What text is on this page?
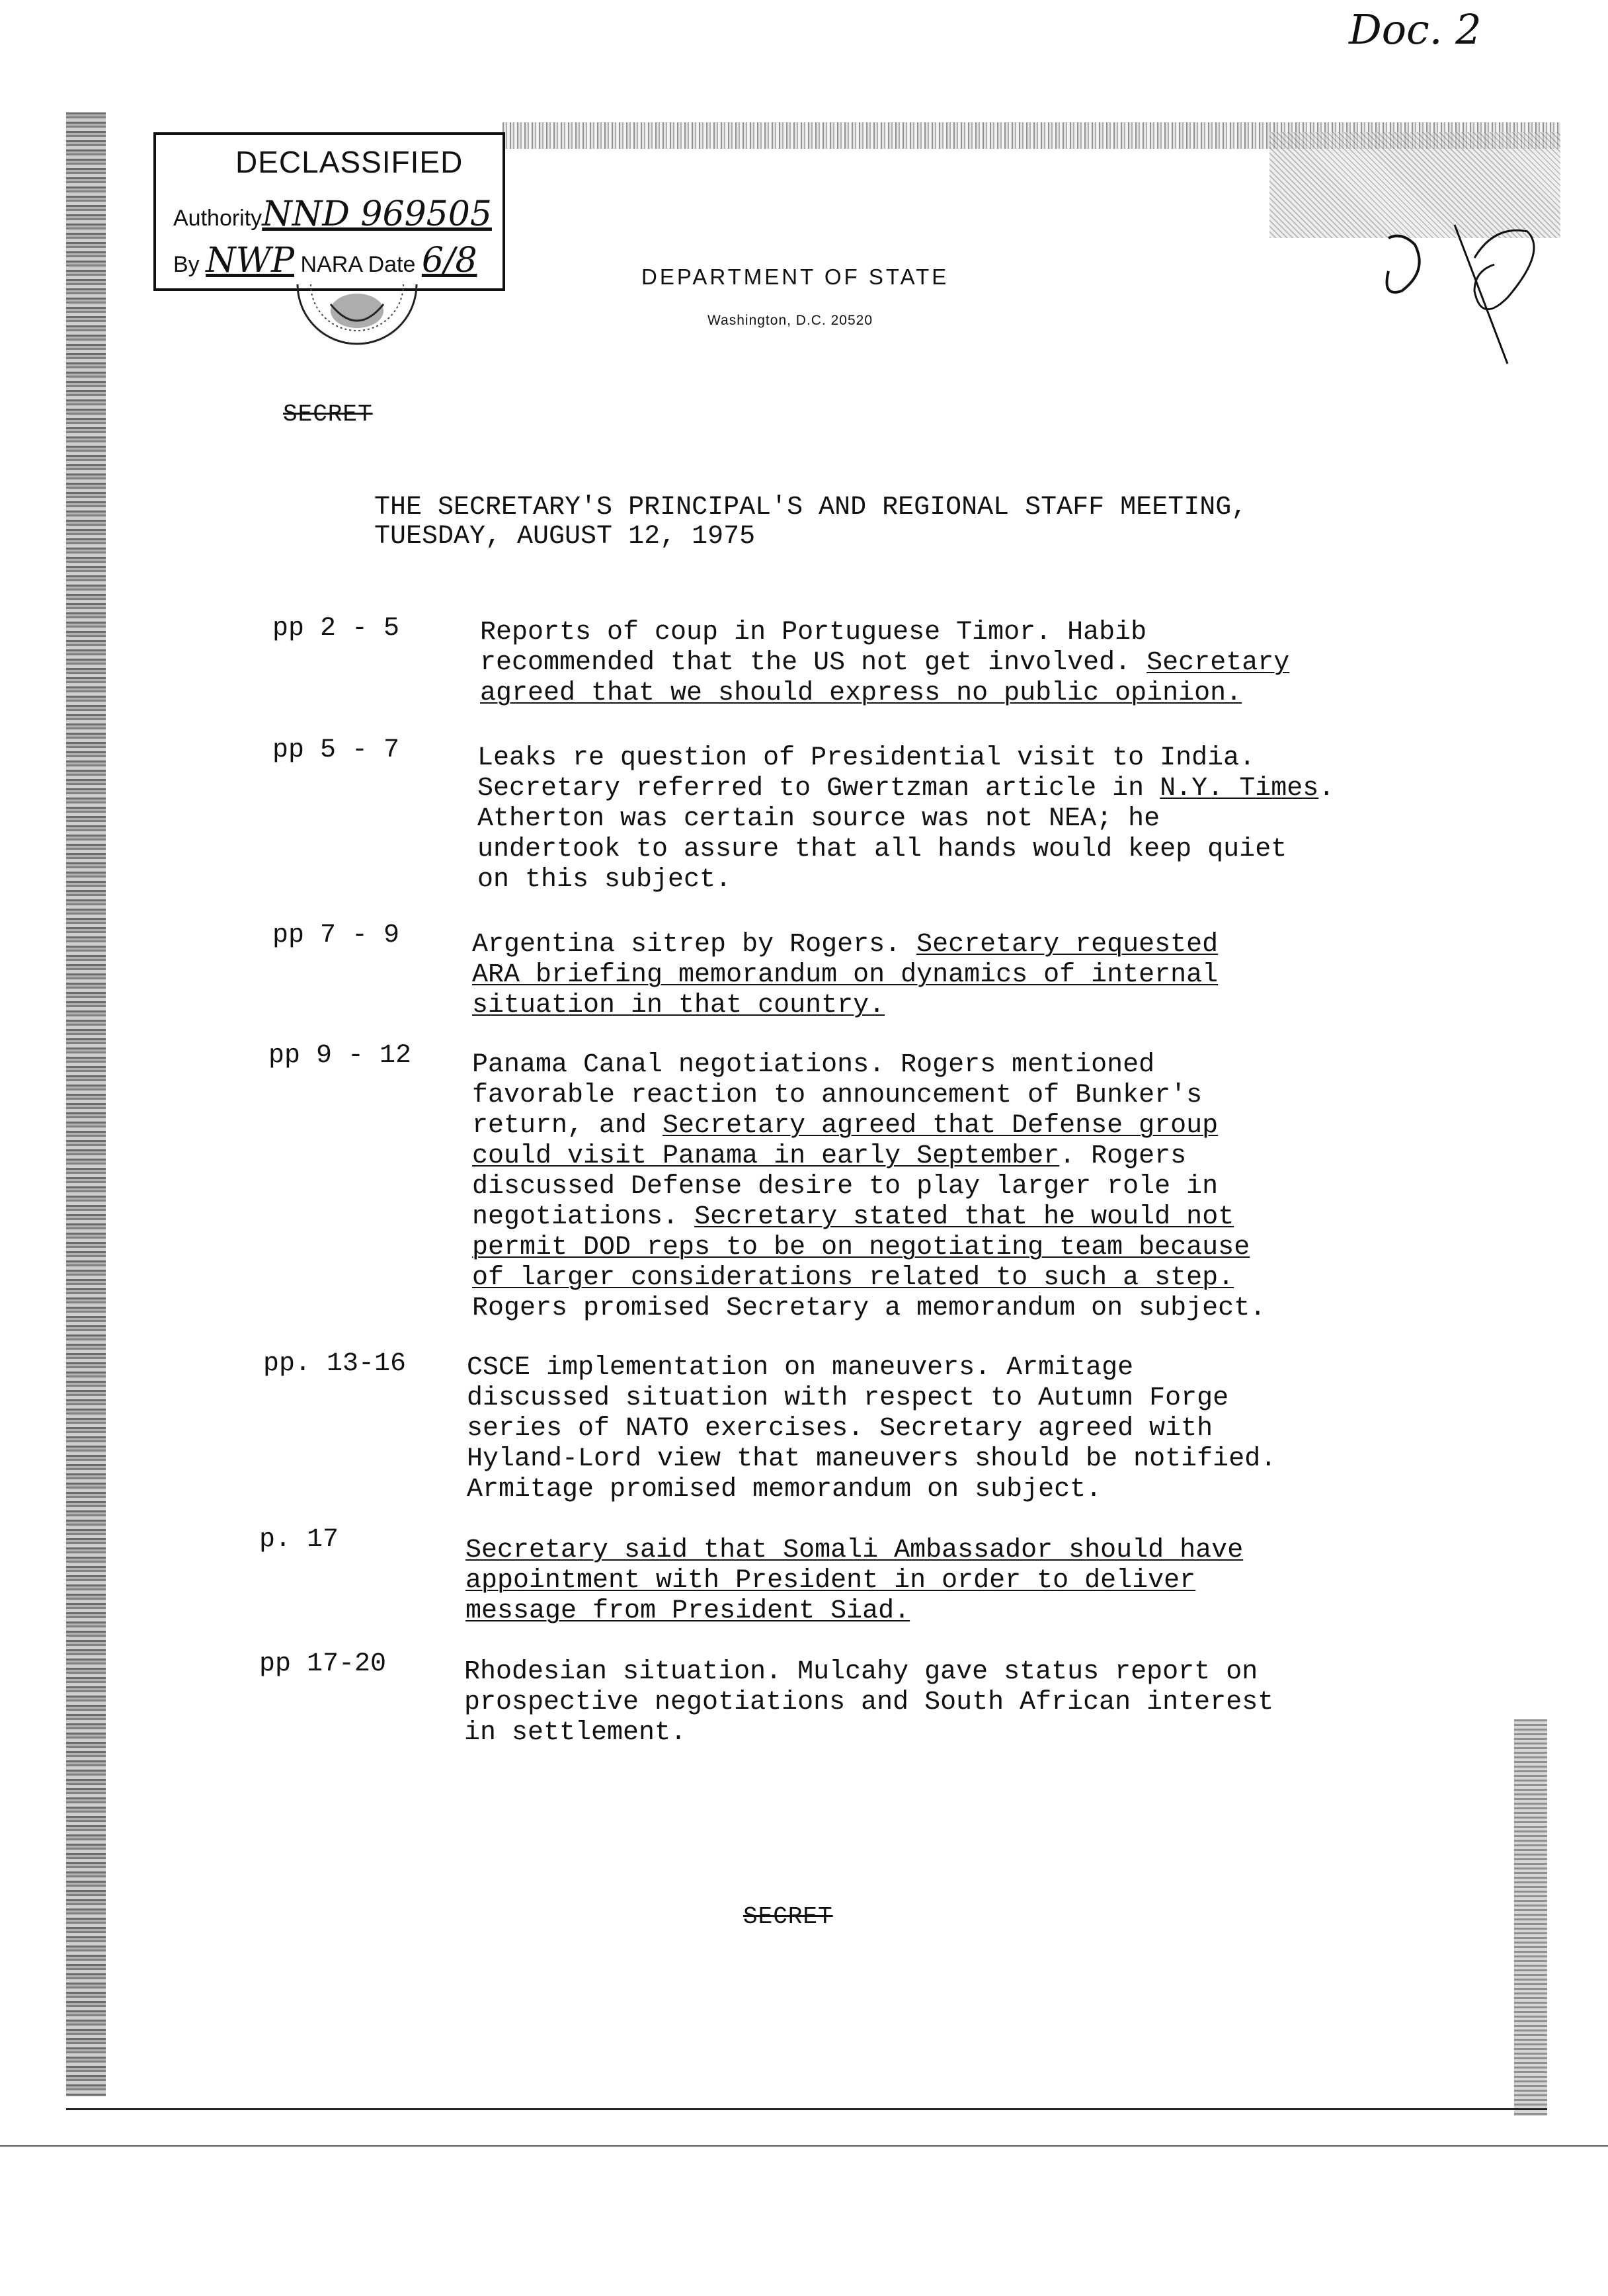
Doc. 2
DECLASSIFIED
AuthorityNND 969505
By NWP NARA Date 6/8	DEPARTMENT OF STATE
Washington, D.C. 20520
SECRET
SECRET
THE SECRETARY'S PRINCIPAL'S AND REGIONAL STAFF MEETING,
TUESDAY, AUGUST 12, 1975
pp 2 - 5	Reports of coup in Portuguese Timor. Habib
recommended that the US not get involved. Secretary
agreed that we should express no public opinion.
pp 5 - 7	Leaks re question of Presidential visit to India.
Secretary referred to Gwertzman article in N.Y. Times.
Atherton was certain source was not NEA; he
undertook to assure that all hands would keep quiet
on this subject.
pp 7 - 9	Argentina sitrep by Rogers. Secretary requested
ARA briefing memorandum on dynamics of internal
situation in that country.
pp 9 - 12 Panama Canal negotiations. Rogers mentioned
favorable reaction to announcement of Bunker's
return, and Secretary agreed that Defense group
could visit Panama in early September. Rogers
discussed Defense desire to play larger role in
negotiations. Secretary stated that he would not
permit DOD reps to be on negotiating team because
of larger considerations related to such a step.
Rogers promised Secretary a memorandum on subject.
pp. 13-16 CSCE implementation on maneuvers. Armitage
discussed situation with respect to Autumn Forge
series of NATO exercises. Secretary agreed with
Hyland-Lord view that maneuvers should be notified.
Armitage promised memorandum on subject.
p. 17	Secretary said that Somali Ambassador should have
appointment with President in order to deliver
message from President Siad.
pp 17-20	Rhodesian situation. Mulcahy gave status report on
prospective negotiations and South African interest
in settlement.
